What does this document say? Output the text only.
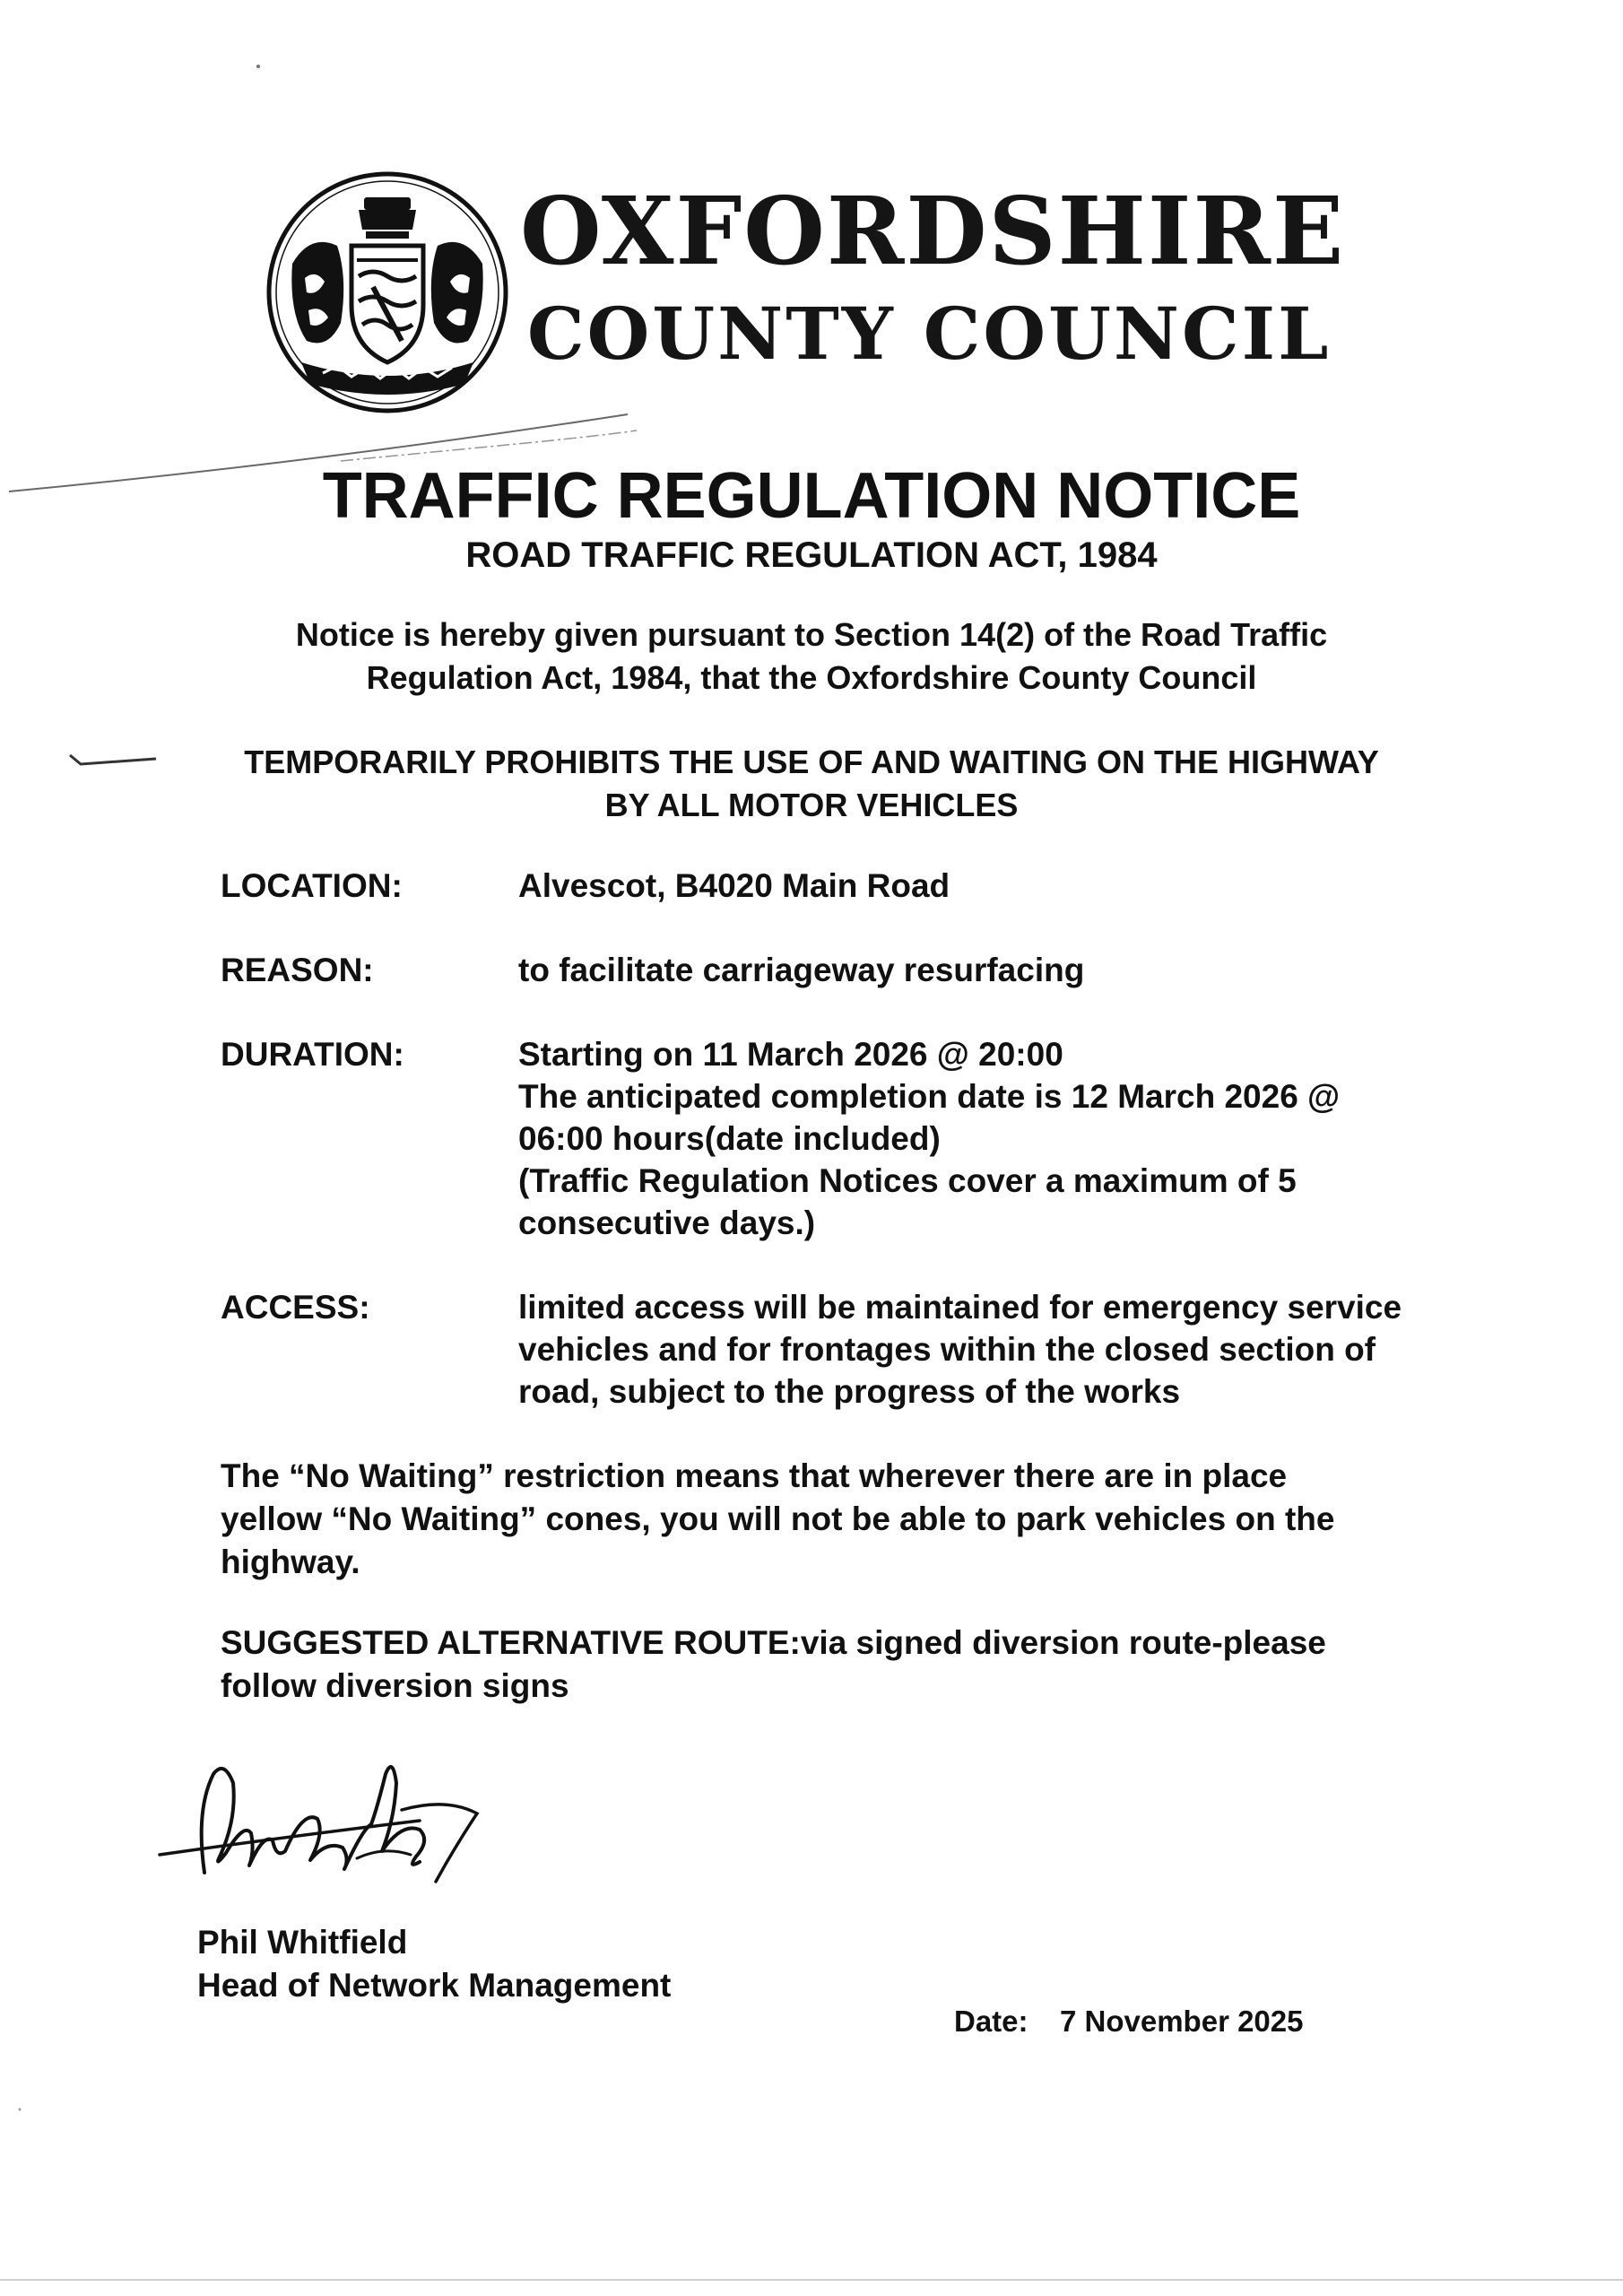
OXFORDSHIRE
COUNTY COUNCIL
TRAFFIC REGULATION NOTICE
ROAD TRAFFIC REGULATION ACT, 1984
Notice is hereby given pursuant to Section 14(2) of the Road Traffic
Regulation Act, 1984, that the Oxfordshire County Council
TEMPORARILY PROHIBITS THE USE OF AND WAITING ON THE HIGHWAY
BY ALL MOTOR VEHICLES
LOCATION:	Alvescot, B4020 Main Road
REASON:	to facilitate carriageway resurfacing
DURATION:	Starting on 11 March 2026 @ 20:00
The anticipated completion date is 12 March 2026 @
06:00 hours(date included)
(Traffic Regulation Notices cover a maximum of 5
consecutive days.)
ACCESS:	limited access will be maintained for emergency service
vehicles and for frontages within the closed section of
road, subject to the progress of the works
The “No Waiting” restriction means that wherever there are in place
yellow “No Waiting” cones, you will not be able to park vehicles on the
highway.
SUGGESTED ALTERNATIVE ROUTE:via signed diversion route-please
follow diversion signs
Phil Whitfield
Head of Network Management
Date: 7 November 2025
